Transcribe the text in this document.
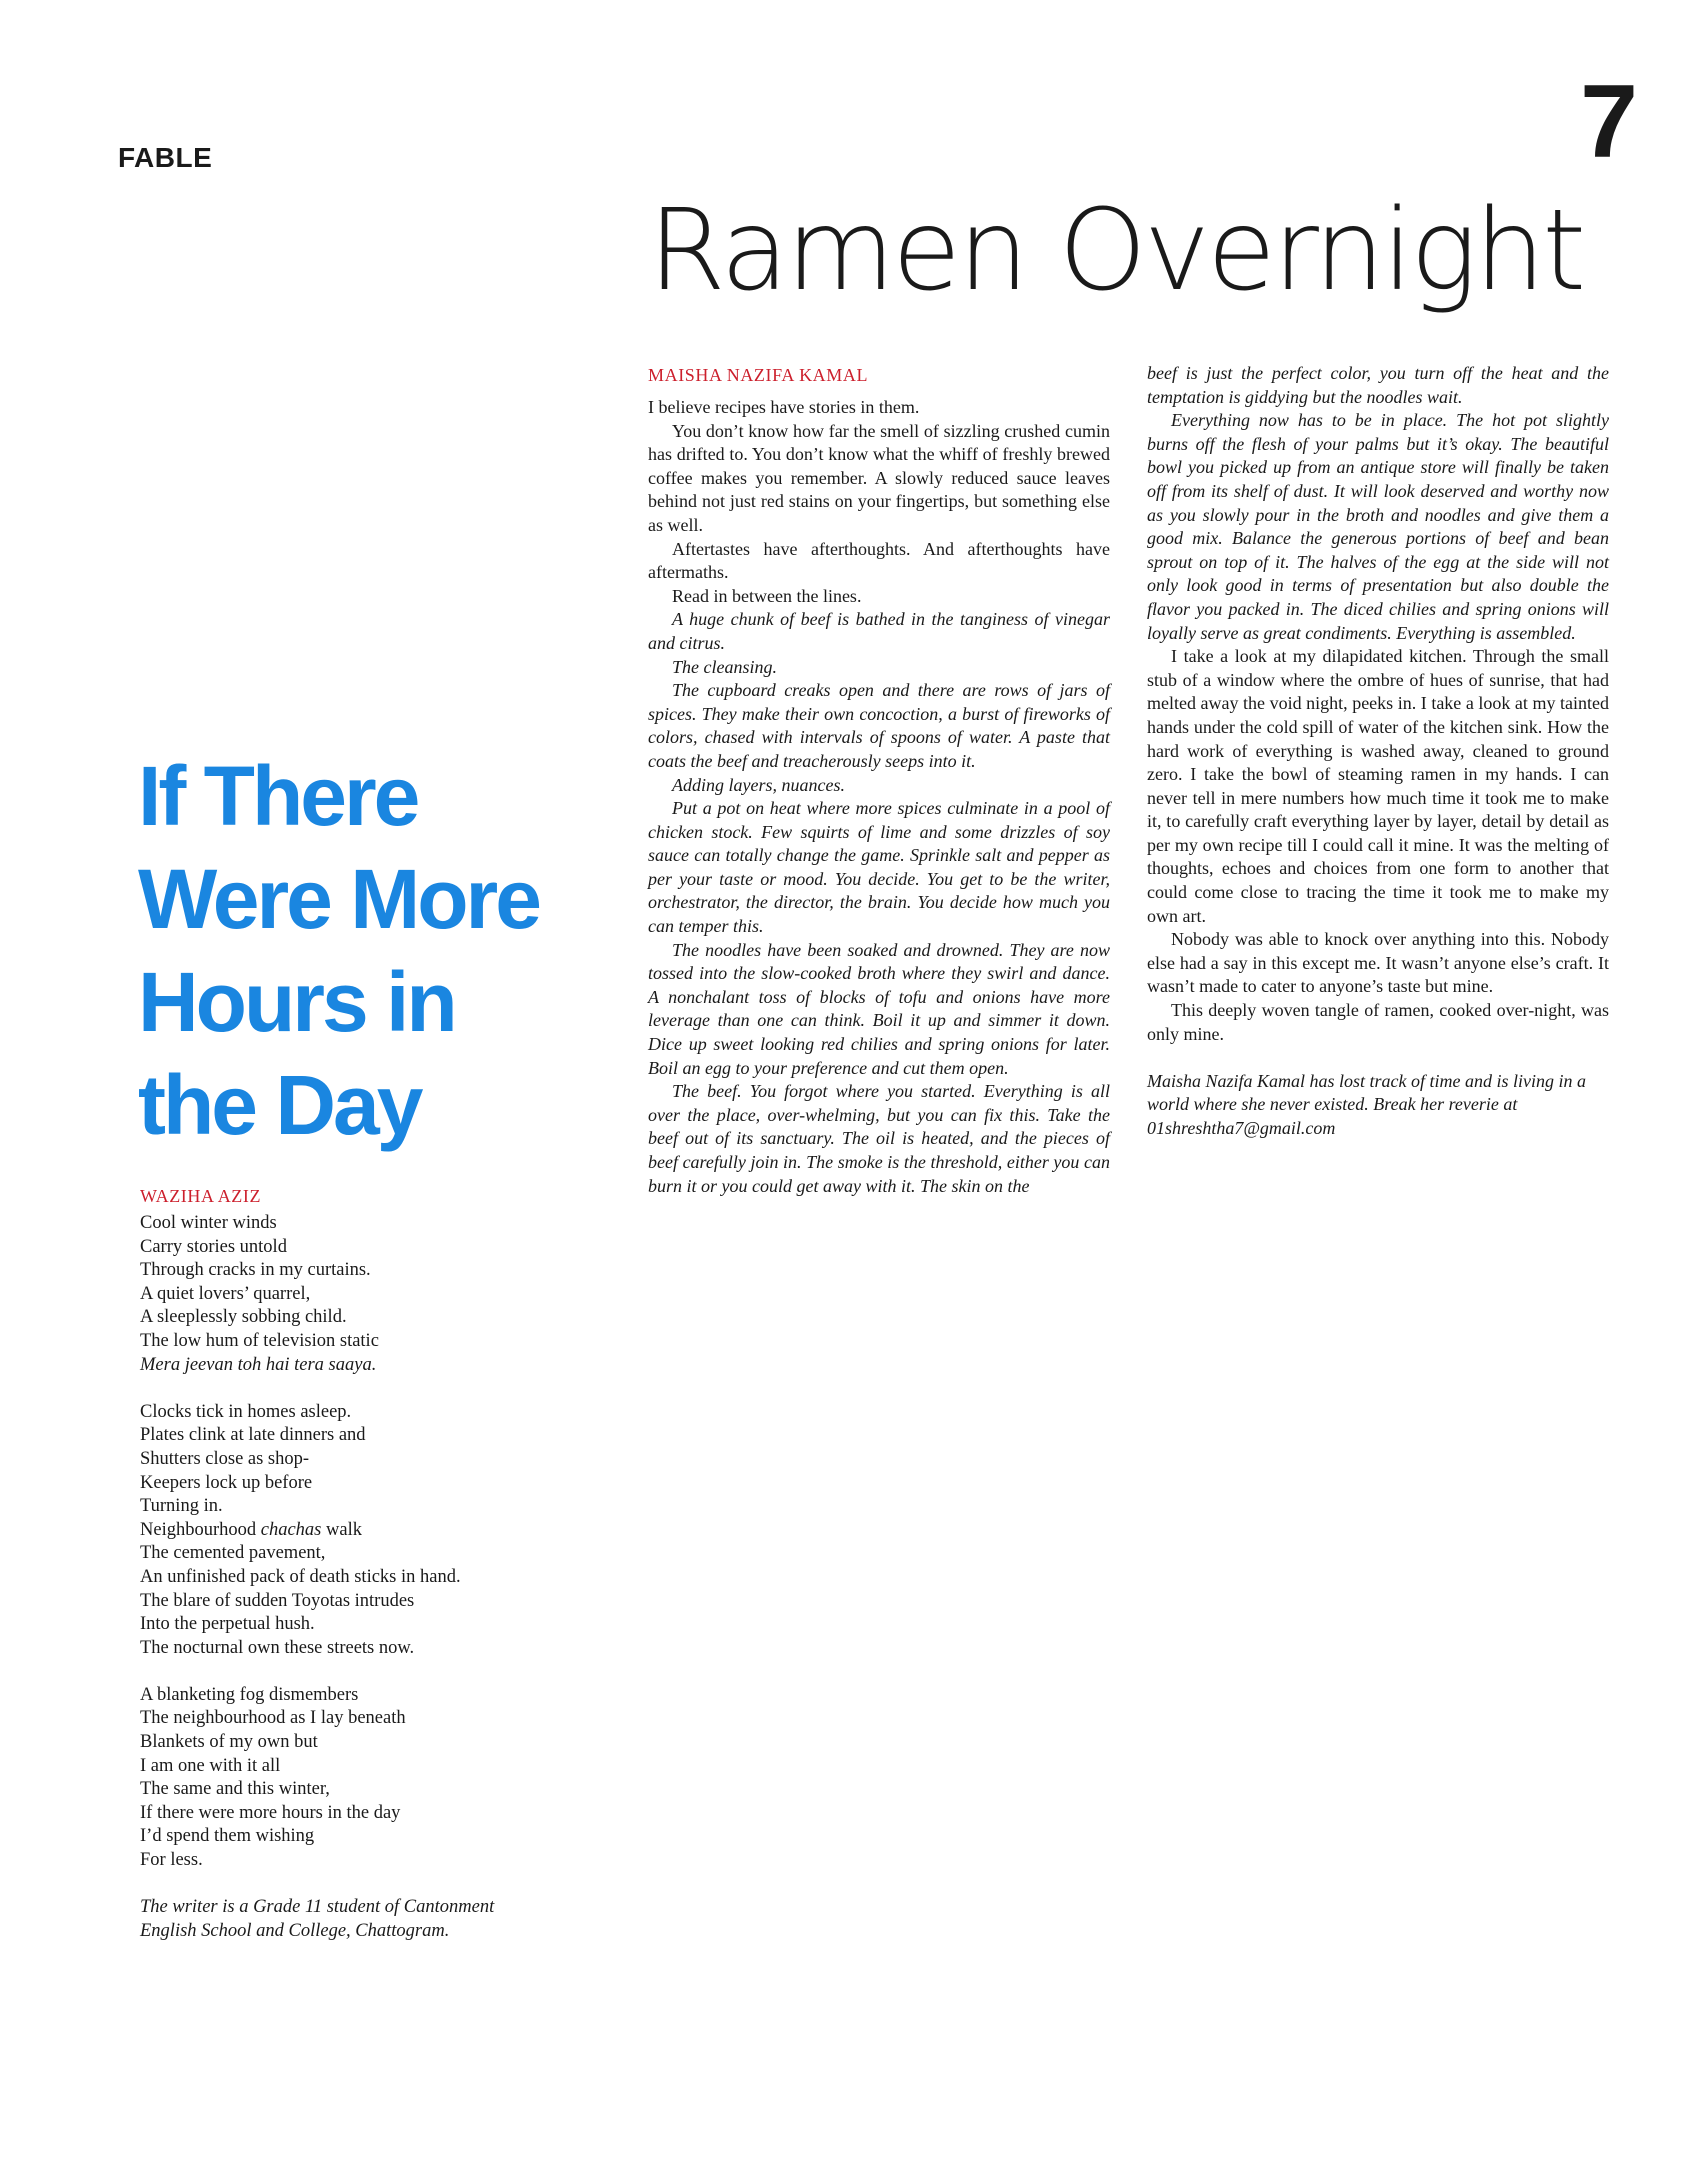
FABLE	7
Ramen Overnight
If There
Were More
Hours in
the Day
WAZIHA AZIZ
Cool winter winds
Carry stories untold
Through cracks in my curtains.
A quiet lovers’ quarrel,
A sleeplessly sobbing child.
The low hum of television static
Mera jeevan toh hai tera saaya.
Clocks tick in homes asleep.
Plates clink at late dinners and
Shutters close as shop-
Keepers lock up before
Turning in.
Neighbourhood chachas walk
The cemented pavement,
An unfinished pack of death sticks in hand.
The blare of sudden Toyotas intrudes
Into the perpetual hush.
The nocturnal own these streets now.
A blanketing fog dismembers
The neighbourhood as I lay beneath
Blankets of my own but
I am one with it all
The same and this winter,
If there were more hours in the day
I’d spend them wishing
For less.
The writer is a Grade 11 student of Cantonment
English School and College, Chattogram.
MAISHA NAZIFA KAMAL

I believe recipes have stories in them.

You don’t know how far the smell of sizzling crushed cumin has drifted to. You don’t know what the whiff of freshly brewed coffee makes you remember. A slowly reduced sauce leaves behind not just red stains on your fingertips, but something else as well.

Aftertastes have afterthoughts. And afterthoughts have aftermaths.

Read in between the lines.

A huge chunk of beef is bathed in the tanginess of vinegar and citrus.

The cleansing.

The cupboard creaks open and there are rows of jars of spices. They make their own concoction, a burst of fireworks of colors, chased with intervals of spoons of water. A paste that coats the beef and treacherously seeps into it.

Adding layers, nuances.

Put a pot on heat where more spices culminate in a pool of chicken stock. Few squirts of lime and some drizzles of soy sauce can totally change the game. Sprinkle salt and pepper as per your taste or mood. You decide. You get to be the writer, orchestrator, the director, the brain. You decide how much you can temper this.

The noodles have been soaked and drowned. They are now tossed into the slow-cooked broth where they swirl and dance. A nonchalant toss of blocks of tofu and onions have more leverage than one can think. Boil it up and simmer it down. Dice up sweet looking red chilies and spring onions for later. Boil an egg to your preference and cut them open.

The beef. You forgot where you started. Everything is all over the place, over-whelming, but you can fix this. Take the beef out of its sanctuary. The oil is heated, and the pieces of beef carefully join in. The smoke is the threshold, either you can burn it or you could get away with it. The skin on the

beef is just the perfect color, you turn off the heat and the temptation is giddying but the noodles wait.

Everything now has to be in place. The hot pot slightly burns off the flesh of your palms but it’s okay. The beautiful bowl you picked up from an antique store will finally be taken off from its shelf of dust. It will look deserved and worthy now as you slowly pour in the broth and noodles and give them a good mix. Balance the generous portions of beef and bean sprout on top of it. The halves of the egg at the side will not only look good in terms of presentation but also double the flavor you packed in. The diced chilies and spring onions will loyally serve as great condiments. Everything is assembled.

I take a look at my dilapidated kitchen. Through the small stub of a window where the ombre of hues of sunrise, that had melted away the void night, peeks in. I take a look at my tainted hands under the cold spill of water of the kitchen sink. How the hard work of everything is washed away, cleaned to ground zero. I take the bowl of steaming ramen in my hands. I can never tell in mere numbers how much time it took me to make it, to carefully craft everything layer by layer, detail by detail as per my own recipe till I could call it mine. It was the melting of thoughts, echoes and choices from one form to another that could come close to tracing the time it took me to make my own art.

Nobody was able to knock over anything into this. Nobody else had a say in this except me. It wasn’t anyone else’s craft. It wasn’t made to cater to anyone’s taste but mine.

This deeply woven tangle of ramen, cooked over-night, was only mine.

Maisha Nazifa Kamal has lost track of time and is living in a world where she never existed. Break her reverie at 01shreshtha7@gmail.com
